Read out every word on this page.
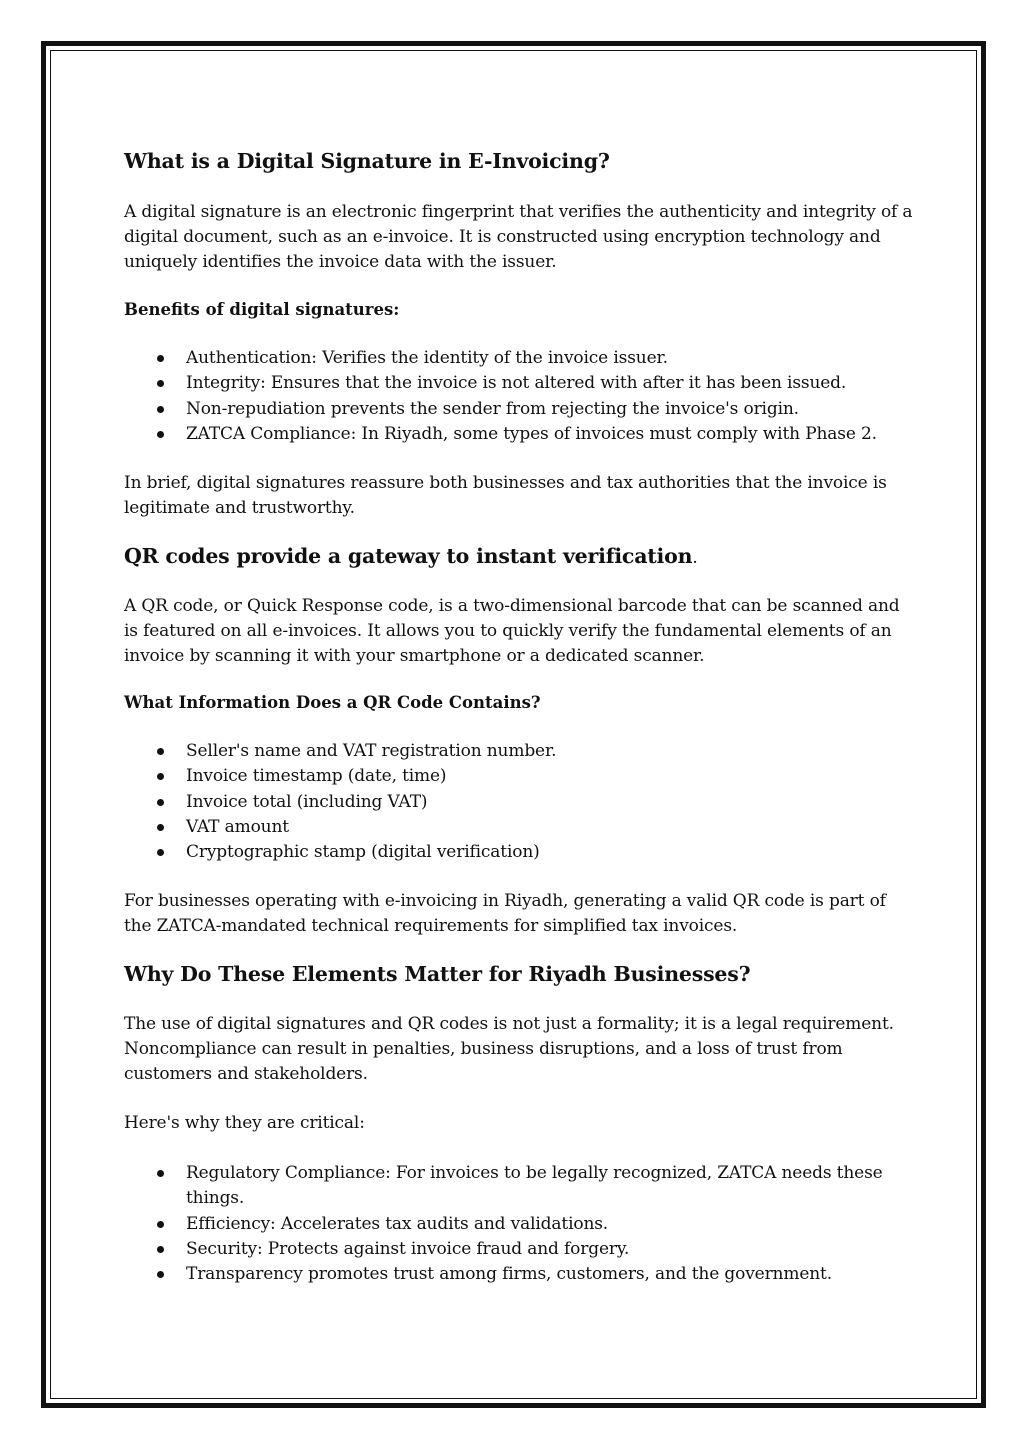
What is a Digital Signature in E-Invoicing?

A digital signature is an electronic fingerprint that verifies the authenticity and integrity of a digital document, such as an e-invoice. It is constructed using encryption technology and uniquely identifies the invoice data with the issuer.

Benefits of digital signatures:
Authentication: Verifies the identity of the invoice issuer.
Integrity: Ensures that the invoice is not altered with after it has been issued.
Non-repudiation prevents the sender from rejecting the invoice's origin.
ZATCA Compliance: In Riyadh, some types of invoices must comply with Phase 2.

In brief, digital signatures reassure both businesses and tax authorities that the invoice is legitimate and trustworthy.

QR codes provide a gateway to instant verification.

A QR code, or Quick Response code, is a two-dimensional barcode that can be scanned and is featured on all e-invoices. It allows you to quickly verify the fundamental elements of an invoice by scanning it with your smartphone or a dedicated scanner.

What Information Does a QR Code Contains?
Seller's name and VAT registration number.
Invoice timestamp (date, time)
Invoice total (including VAT)
VAT amount
Cryptographic stamp (digital verification)

For businesses operating with e-invoicing in Riyadh, generating a valid QR code is part of the ZATCA-mandated technical requirements for simplified tax invoices.

Why Do These Elements Matter for Riyadh Businesses?

The use of digital signatures and QR codes is not just a formality; it is a legal requirement. Noncompliance can result in penalties, business disruptions, and a loss of trust from customers and stakeholders.

Here's why they are critical:

Regulatory Compliance: For invoices to be legally recognized, ZATCA needs these things.
Efficiency: Accelerates tax audits and validations.
Security: Protects against invoice fraud and forgery.
Transparency promotes trust among firms, customers, and the government.
